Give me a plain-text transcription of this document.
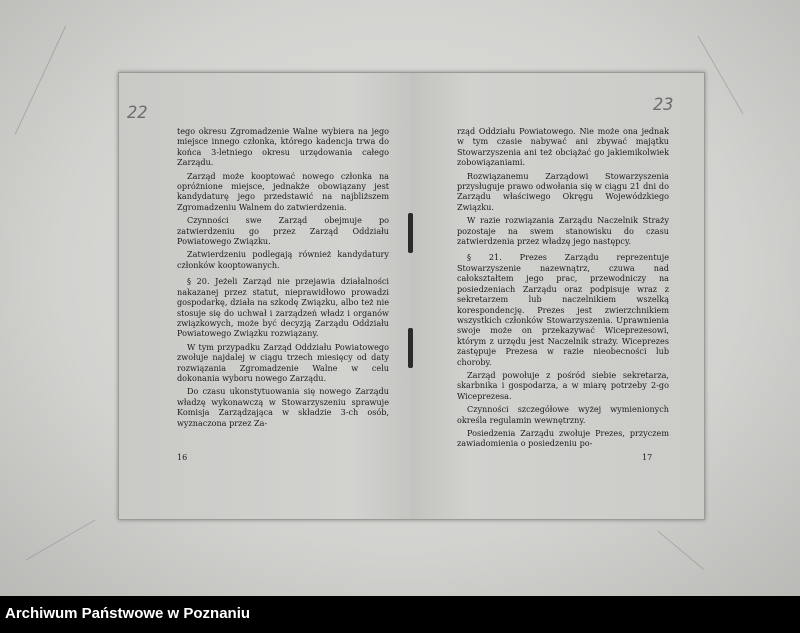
22	23

tego okresu Zgromadzenie Walne wybiera na jego miejsce innego członka, którego kadencja trwa do końca 3-letniego okresu urzędowania całego Zarządu.

Zarząd może kooptować nowego członka na opróżnione miejsce, jednakże obowiązany jest kandydaturę jego przedstawić na najbliższem Zgromadzeniu Walnem do zatwierdzenia.

Czynności swe Zarząd obejmuje po zatwierdzeniu go przez Zarząd Oddziału Powiatowego Związku.

Zatwierdzeniu podlegają również kandydatury członków kooptowanych.

§ 20. Jeżeli Zarząd nie przejawia działalności nakazanej przez statut, nieprawidłowo prowadzi gospodarkę, działa na szkodę Związku, albo też nie stosuje się do uchwał i zarządzeń władz i organów związkowych, może być decyzją Zarządu Oddziału Powiatowego Związku rozwiązany.

W tym przypadku Zarząd Oddziału Powiatowego zwołuje najdalej w ciągu trzech miesięcy od daty rozwiązania Zgromadzenie Walne w celu dokonania wyboru nowego Zarządu.

Do czasu ukonstytuowania się nowego Zarządu władzę wykonawczą w Stowarzyszeniu sprawuje Komisja Zarządzająca w składzie 3-ch osób, wyznaczona przez Za-

16

rząd Oddziału Powiatowego. Nie może ona jednak w tym czasie nabywać ani zbywać majątku Stowarzyszenia ani też obciążać go jakiemikolwiek zobowiązaniami.

Rozwiązanemu Zarządowi Stowarzyszenia przysługuje prawo odwołania się w ciągu 21 dni do Zarządu właściwego Okręgu Wojewódzkiego Związku.

W razie rozwiązania Zarządu Naczelnik Straży pozostaje na swem stanowisku do czasu zatwierdzenia przez władzę jego następcy.

§ 21. Prezes Zarządu reprezentuje Stowarzyszenie nazewnątrz, czuwa nad całokształtem jego prac, przewodniczy na posiedzeniach Zarządu oraz podpisuje wraz z sekretarzem lub naczelnikiem wszelką korespondencję. Prezes jest zwierzchnikiem wszystkich członków Stowarzyszenia. Uprawnienia swoje może on przekazywać Wiceprezesowi, którym z urzędu jest Naczelnik straży. Wiceprezes zastępuje Prezesa w razie nieobecności lub choroby.

Zarząd powołuje z pośród siebie sekretarza, skarbnika i gospodarza, a w miarę potrzeby 2-go Wiceprezesa.

Czynności szczegółowe wyżej wymienionych określa regulamin wewnętrzny.

Posiedzenia Zarządu zwołuje Prezes, przyczem zawiadomienia o posiedzeniu po-

17
Archiwum Państwowe w Poznaniu
